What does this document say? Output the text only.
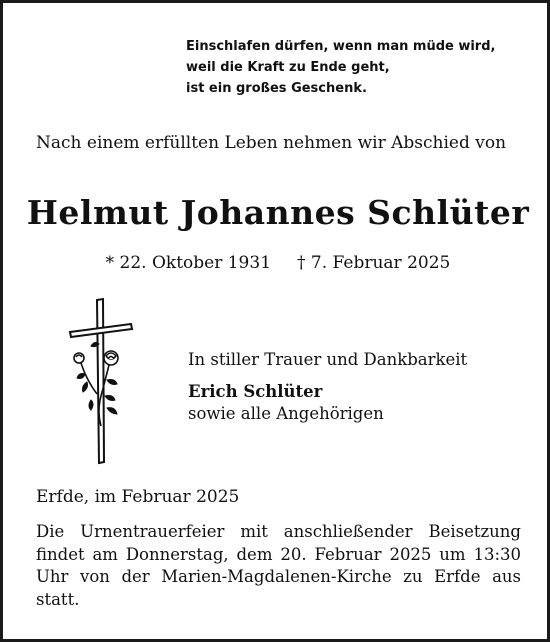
Einschlafen dürfen, wenn man müde wird,
weil die Kraft zu Ende geht,
ist ein großes Geschenk.
Nach einem erfüllten Leben nehmen wir Abschied von
Helmut Johannes Schlüter
* 22. Oktober 1931 † 7. Februar 2025
In stiller Trauer und Dankbarkeit
Erich Schlüter
sowie alle Angehörigen
Erfde, im Februar 2025
Die Urnentrauerfeier mit anschließender Beisetzung
findet am Donnerstag, dem 20. Februar 2025 um 13:30
Uhr von der Marien-Magdalenen-Kirche zu Erfde aus
statt.
